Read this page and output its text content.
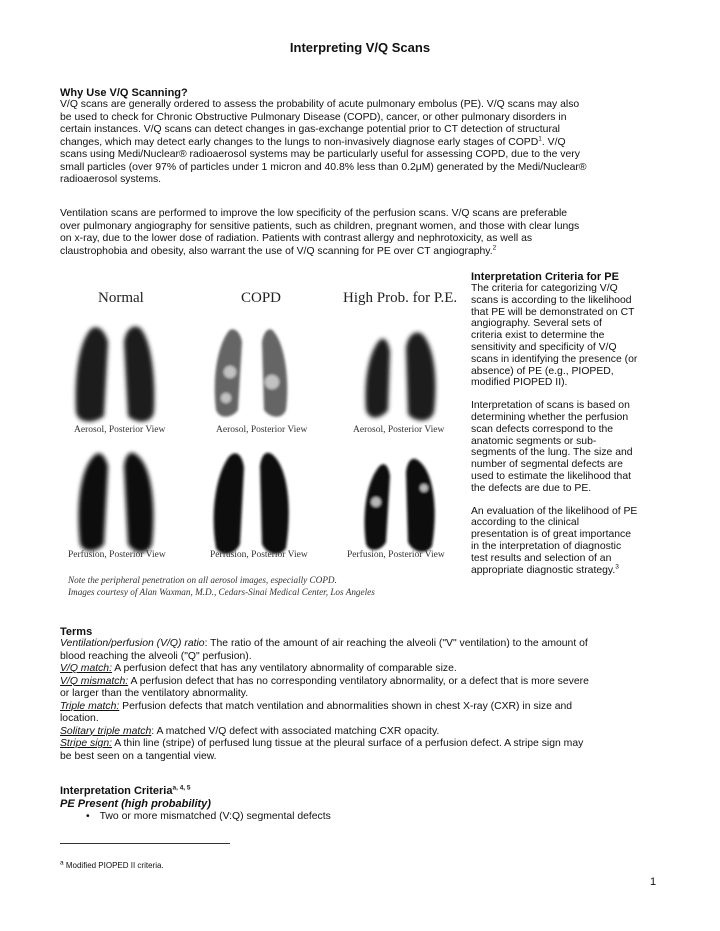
Interpreting V/Q Scans
Why Use V/Q Scanning?
V/Q scans are generally ordered to assess the probability of acute pulmonary embolus (PE). V/Q scans may also
be used to check for Chronic Obstructive Pulmonary Disease (COPD), cancer, or other pulmonary disorders in
certain instances. V/Q scans can detect changes in gas-exchange potential prior to CT detection of structural
changes, which may detect early changes to the lungs to non-invasively diagnose early stages of COPD$^1$. V/Q
scans using Medi/Nuclear® radioaerosol systems may be particularly useful for assessing COPD, due to the very
small particles (over 97% of particles under 1 micron and 40.8% less than 0.2μM) generated by the Medi/Nuclear®
radioaerosol systems.
Ventilation scans are performed to improve the low specificity of the perfusion scans. V/Q scans are preferable
over pulmonary angiography for sensitive patients, such as children, pregnant women, and those with clear lungs
on x-ray, due to the lower dose of radiation. Patients with contrast allergy and nephrotoxicity, as well as
claustrophobia and obesity, also warrant the use of V/Q scanning for PE over CT angiography.$^2$
Normal	COPD	High Prob. for P.E.
Aerosol, Posterior View	Aerosol, Posterior View	Aerosol, Posterior View
Perfusion, Posterior View	Perfusion, Posterior View	Perfusion, Posterior View
Note the peripheral penetration on all aerosol images, especially COPD.
Images courtesy of Alan Waxman, M.D., Cedars-Sinai Medical Center, Los Angeles
Interpretation Criteria for PE
The criteria for categorizing V/Q
scans is according to the likelihood
that PE will be demonstrated on CT
angiography. Several sets of
criteria exist to determine the
sensitivity and specificity of V/Q
scans in identifying the presence (or
absence) of PE (e.g., PIOPED,
modified PIOPED II).
Interpretation of scans is based on
determining whether the perfusion
scan defects correspond to the
anatomic segments or sub-
segments of the lung. The size and
number of segmental defects are
used to estimate the likelihood that
the defects are due to PE.
An evaluation of the likelihood of PE
according to the clinical
presentation is of great importance
in the interpretation of diagnostic
test results and selection of an
appropriate diagnostic strategy.$^3$
Terms
Ventilation/perfusion (V/Q) ratio: The ratio of the amount of air reaching the alveoli ("V" ventilation) to the amount of
blood reaching the alveoli ("Q" perfusion).
V/Q match: A perfusion defect that has any ventilatory abnormality of comparable size.
V/Q mismatch: A perfusion defect that has no corresponding ventilatory abnormality, or a defect that is more severe
or larger than the ventilatory abnormality.
Triple match: Perfusion defects that match ventilation and abnormalities shown in chest X-ray (CXR) in size and
location.
Solitary triple match: A matched V/Q defect with associated matching CXR opacity.
Stripe sign: A thin line (stripe) of perfused lung tissue at the pleural surface of a perfusion defect. A stripe sign may
be best seen on a tangential view.
Interpretation Criteria$^{a, 4, 5}$
PE Present (high probability)
• Two or more mismatched (V:Q) segmental defects
$^a$ Modified PIOPED II criteria.
1
